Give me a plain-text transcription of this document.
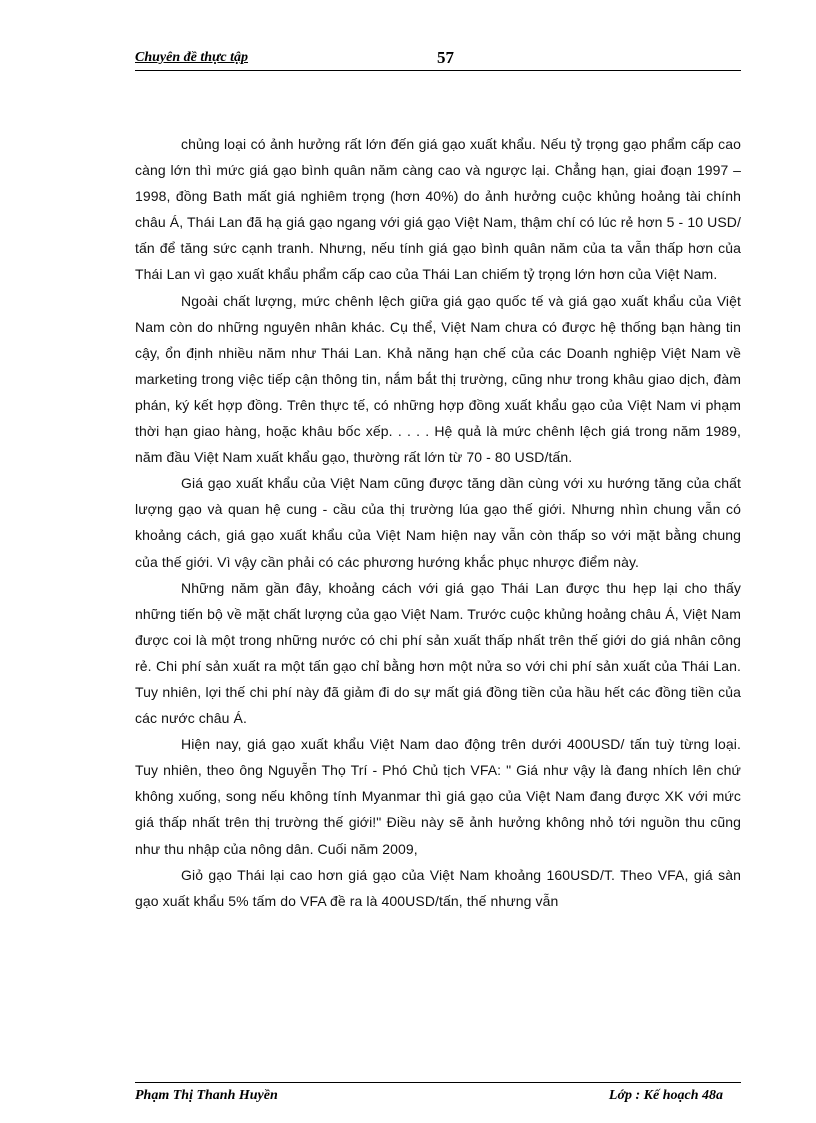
Chuyên đề thực tập	57

chủng loại có ảnh hưởng rất lớn đến giá gạo xuất khẩu. Nếu tỷ trọng gạo phẩm cấp cao càng lớn thì mức giá gạo bình quân năm càng cao và ngược lại. Chẳng hạn, giai đoạn 1997 – 1998, đồng Bath mất giá nghiêm trọng (hơn 40%) do ảnh hưởng cuộc khủng hoảng tài chính châu Á, Thái Lan đã hạ giá gạo ngang với giá gạo Việt Nam, thậm chí có lúc rẻ hơn 5 - 10 USD/ tấn để tăng sức cạnh tranh. Nhưng, nếu tính giá gạo bình quân năm của ta vẫn thấp hơn của Thái Lan vì gạo xuất khẩu phẩm cấp cao của Thái Lan chiếm tỷ trọng lớn hơn của Việt Nam.

Ngoài chất lượng, mức chênh lệch giữa giá gạo quốc tế và giá gạo xuất khẩu của Việt Nam còn do những nguyên nhân khác. Cụ thể, Việt Nam chưa có được hệ thống bạn hàng tin cậy, ổn định nhiều năm như Thái Lan. Khả năng hạn chế của các Doanh nghiệp Việt Nam về marketing trong việc tiếp cận thông tin, nắm bắt thị trường, cũng như trong khâu giao dịch, đàm phán, ký kết hợp đồng. Trên thực tế, có những hợp đồng xuất khẩu gạo của Việt Nam vi phạm thời hạn giao hàng, hoặc khâu bốc xếp. . . . . Hệ quả là mức chênh lệch giá trong năm 1989, năm đầu Việt Nam xuất khẩu gạo, thường rất lớn từ 70 - 80 USD/tấn.

Giá gạo xuất khẩu của Việt Nam cũng được tăng dần cùng với xu hướng tăng của chất lượng gạo và quan hệ cung - cầu của thị trường lúa gạo thế giới. Nhưng nhìn chung vẫn có khoảng cách, giá gạo xuất khẩu của Việt Nam hiện nay vẫn còn thấp so với mặt bằng chung của thế giới. Vì vậy cần phải có các phương hướng khắc phục nhược điểm này.

Những năm gần đây, khoảng cách với giá gạo Thái Lan được thu hẹp lại cho thấy những tiến bộ về mặt chất lượng của gạo Việt Nam. Trước cuộc khủng hoảng châu Á, Việt Nam được coi là một trong những nước có chi phí sản xuất thấp nhất trên thế giới do giá nhân công rẻ. Chi phí sản xuất ra một tấn gạo chỉ bằng hơn một nửa so với chi phí sản xuất của Thái Lan. Tuy nhiên, lợi thế chi phí này đã giảm đi do sự mất giá đồng tiền của hầu hết các đồng tiền của các nước châu Á.

Hiện nay, giá gạo xuất khẩu Việt Nam dao động trên dưới 400USD/ tấn tuỳ từng loại. Tuy nhiên, theo ông Nguyễn Thọ Trí - Phó Chủ tịch VFA: " Giá như vậy là đang nhích lên chứ không xuống, song nếu không tính Myanmar thì giá gạo của Việt Nam đang được XK với mức giá thấp nhất trên thị trường thế giới!" Điều này sẽ ảnh hưởng không nhỏ tới nguồn thu cũng như thu nhập của nông dân. Cuối năm 2009,

Giỏ gạo Thái lại cao hơn giá gạo của Việt Nam khoảng 160USD/T. Theo VFA, giá sàn gạo xuất khẩu 5% tấm do VFA đề ra là 400USD/tấn, thế nhưng vẫn

Phạm Thị Thanh Huyền	Lớp : Kế hoạch 48a
